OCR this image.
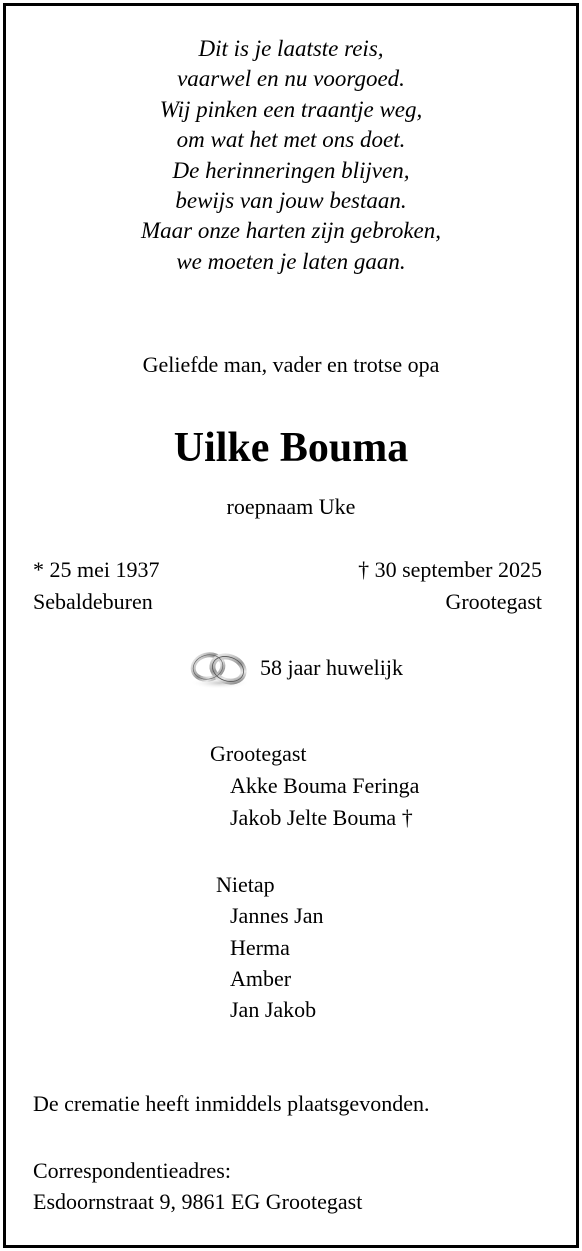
Dit is je laatste reis,
vaarwel en nu voorgoed.
Wij pinken een traantje weg,
om wat het met ons doet.
De herinneringen blijven,
bewijs van jouw bestaan.
Maar onze harten zijn gebroken,
we moeten je laten gaan.
Geliefde man, vader en trotse opa
Uilke Bouma
roepnaam Uke
* 25 mei 1937
Sebaldeburen
† 30 september 2025
Grootegast
58 jaar huwelijk
Grootegast
Akke Bouma Feringa
Jakob Jelte Bouma †
Nietap
Jannes Jan
Herma
Amber
Jan Jakob
De crematie heeft inmiddels plaatsgevonden.
Correspondentieadres:
Esdoornstraat 9, 9861 EG Grootegast
